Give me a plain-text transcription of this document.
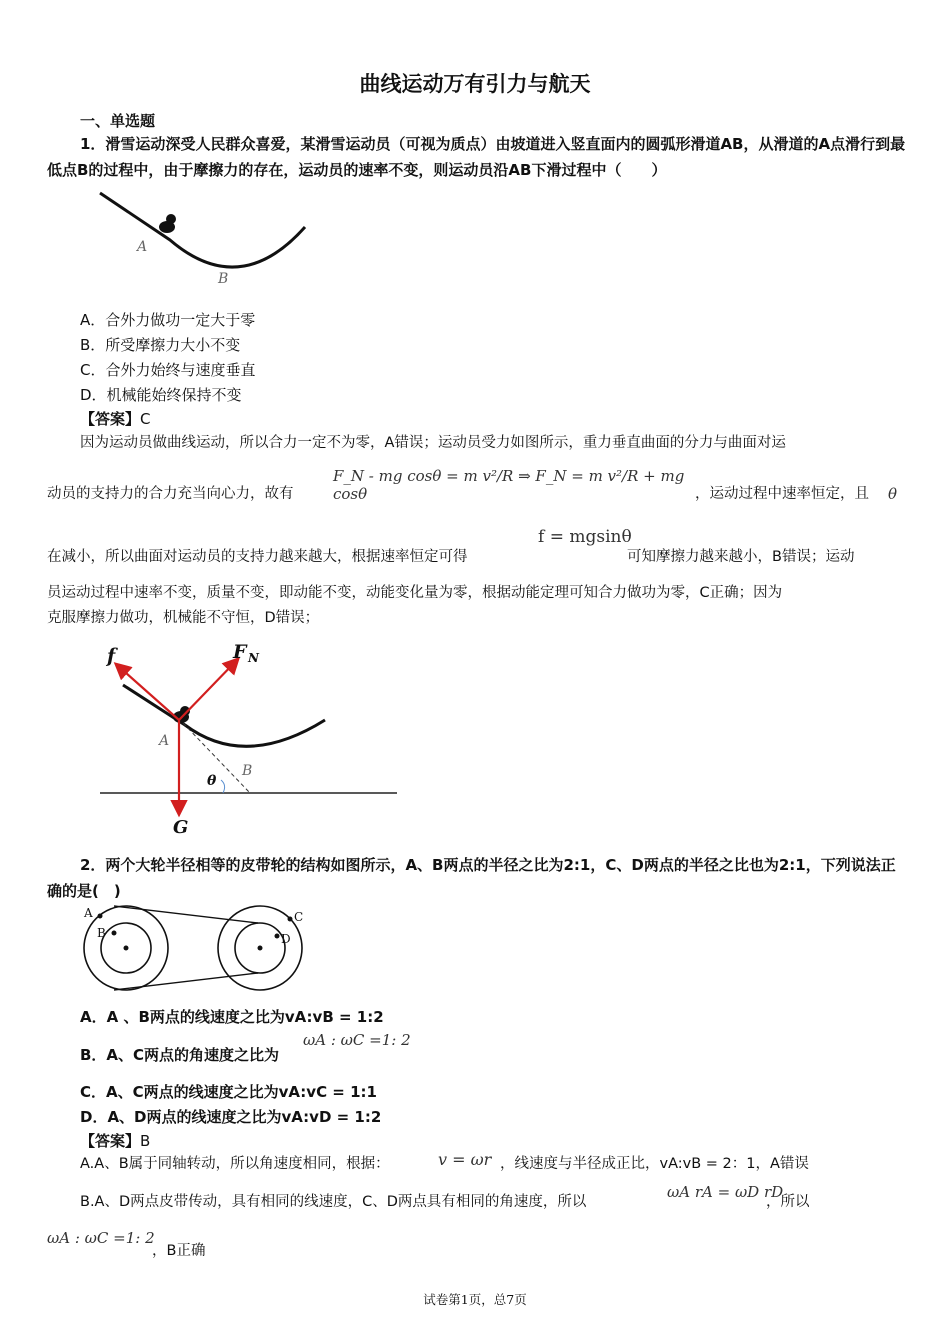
曲线运动万有引力与航天
一、单选题
1．滑雪运动深受人民群众喜爱，某滑雪运动员（可视为质点）由坡道进入竖直面内的圆弧形滑道AB，从滑道的A点滑行到最低点B的过程中，由于摩擦力的存在，运动员的速率不变，则运动员沿AB下滑过程中（　　）
A
B
A．合外力做功一定大于零
B．所受摩擦力大小不变
C．合外力始终与速度垂直
D．机械能始终保持不变
【答案】C
因为运动员做曲线运动，所以合力一定不为零，A错误；运动员受力如图所示，重力垂直曲面的分力与曲面对运
动员的支持力的合力充当向心力，故有
F_N - mg cosθ = m v²/R ⇒ F_N = m v²/R + mg cosθ	，运动过程中速率恒定，且 θ
在减小，所以曲面对运动员的支持力越来越大，根据速率恒定可得
f = mgsinθ
可知摩擦力越来越小，B错误；运动
员运动过程中速率不变，质量不变，即动能不变，动能变化量为零，根据动能定理可知合力做功为零，C正确；因为
克服摩擦力做功，机械能不守恒，D错误；
f	F N
G
A
B
θ
2．两个大轮半径相等的皮带轮的结构如图所示，A、B两点的半径之比为2:1，C、D两点的半径之比也为2:1，下列说法正确的是(　)
A
B
C
D
A．A 、B两点的线速度之比为vA:vB = 1:2
B．A、C两点的角速度之比为
ωA : ωC =1: 2
C．A、C两点的线速度之比为vA:vC = 1:1
D．A、D两点的线速度之比为vA:vD = 1:2
【答案】B
A.A、B属于同轴转动，所以角速度相同，根据：	v = ωr ，线速度与半径成正比，vA:vB = 2：1，A错误
B.A、D两点皮带传动，具有相同的线速度，C、D两点具有相同的角速度，所以
ωA rA = ωD rD
，所以
ωA : ωC =1: 2
，B正确
试卷第1页，总7页
